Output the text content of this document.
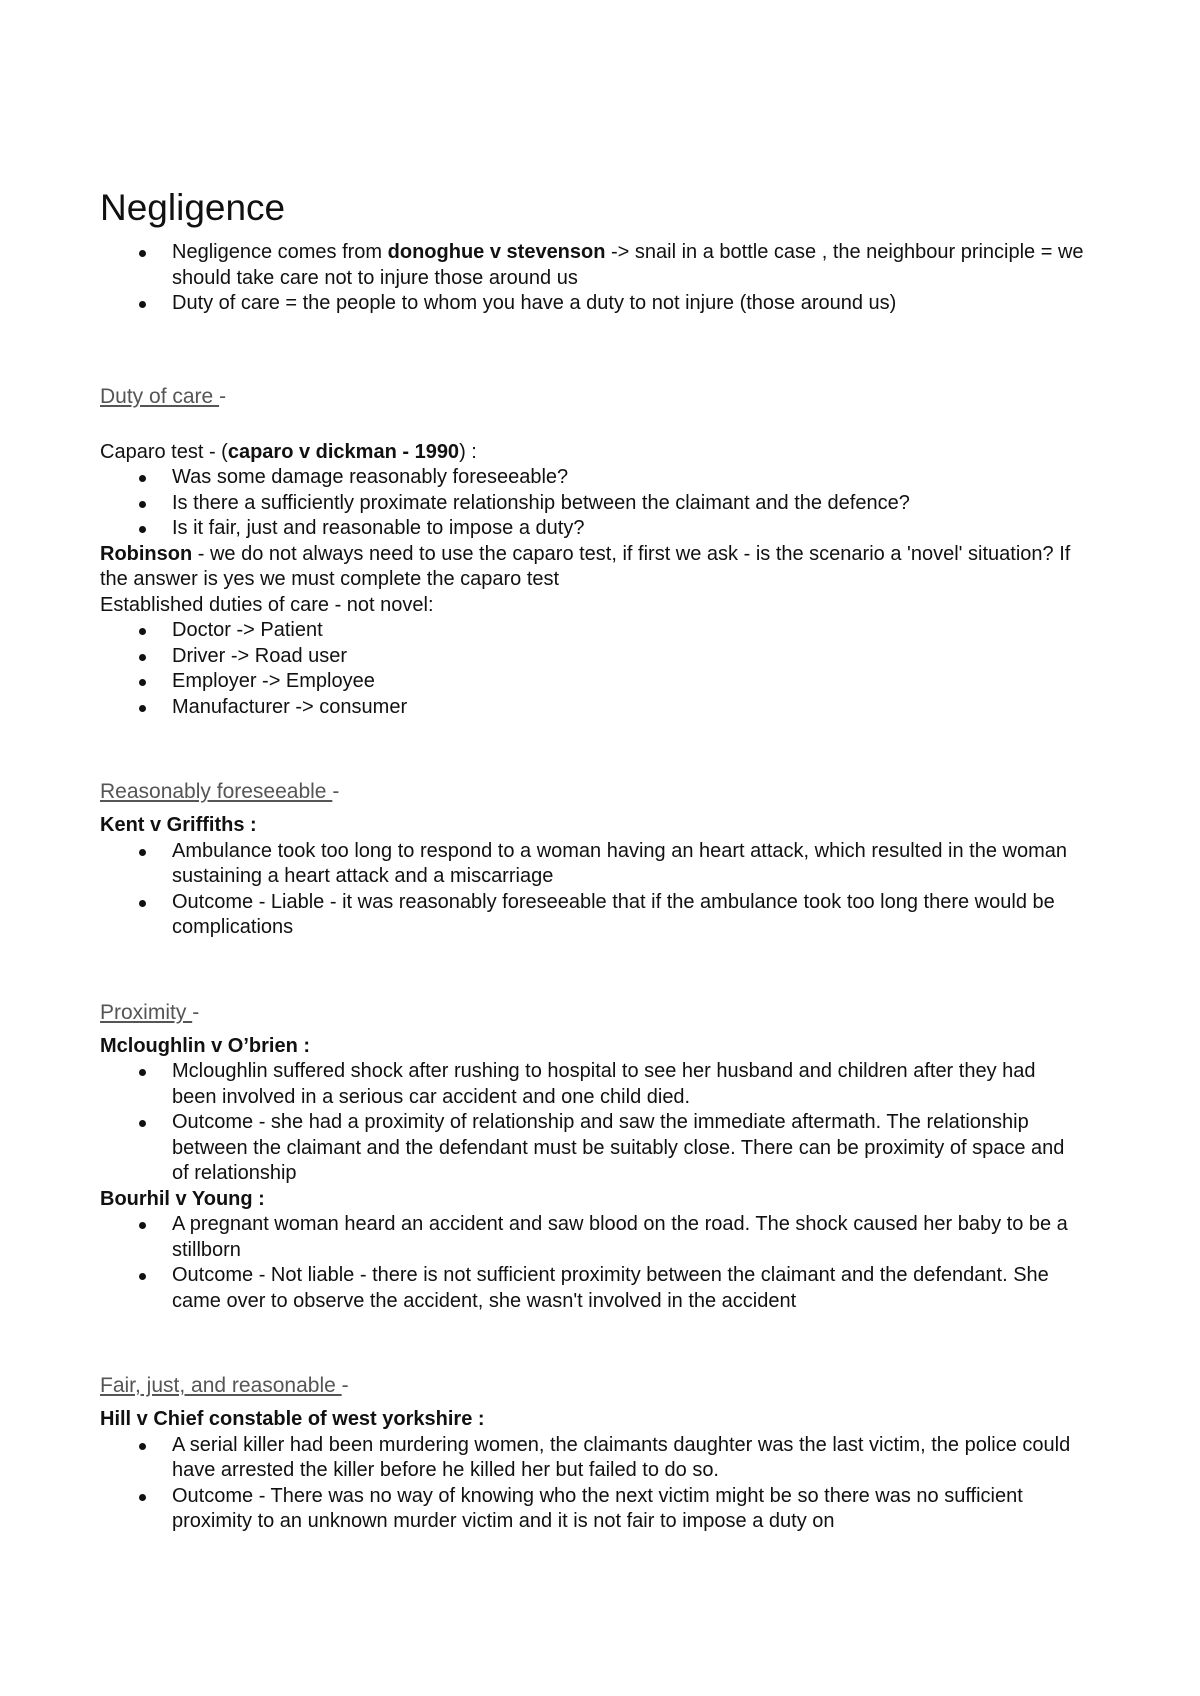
Negligence
Negligence comes from donoghue v stevenson -> snail in a bottle case , the neighbour principle = we should take care not to injure those around us
Duty of care = the people to whom you have a duty to not injure (those around us)

Duty of care -

Caparo test - (caparo v dickman - 1990) :

Was some damage reasonably foreseeable?
Is there a sufficiently proximate relationship between the claimant and the defence?
Is it fair, just and reasonable to impose a duty?

Robinson - we do not always need to use the caparo test, if first we ask - is the scenario a 'novel' situation? If the answer is yes we must complete the caparo test

Established duties of care - not novel:

Doctor -> Patient
Driver -> Road user
Employer -> Employee
Manufacturer -> consumer

Reasonably foreseeable -

Kent v Griffiths :

Ambulance took too long to respond to a woman having an heart attack, which resulted in the woman sustaining a heart attack and a miscarriage
Outcome - Liable - it was reasonably foreseeable that if the ambulance took too long there would be complications

Proximity -

Mcloughlin v O’brien :

Mcloughlin suffered shock after rushing to hospital to see her husband and children after they had been involved in a serious car accident and one child died.
Outcome - she had a proximity of relationship and saw the immediate aftermath. The relationship between the claimant and the defendant must be suitably close. There can be proximity of space and of relationship

Bourhil v Young :

A pregnant woman heard an accident and saw blood on the road. The shock caused her baby to be a stillborn
Outcome - Not liable - there is not sufficient proximity between the claimant and the defendant. She came over to observe the accident, she wasn't involved in the accident

Fair, just, and reasonable -

Hill v Chief constable of west yorkshire :

A serial killer had been murdering women, the claimants daughter was the last victim, the police could have arrested the killer before he killed her but failed to do so.
Outcome - There was no way of knowing who the next victim might be so there was no sufficient proximity to an unknown murder victim and it is not fair to impose a duty on
